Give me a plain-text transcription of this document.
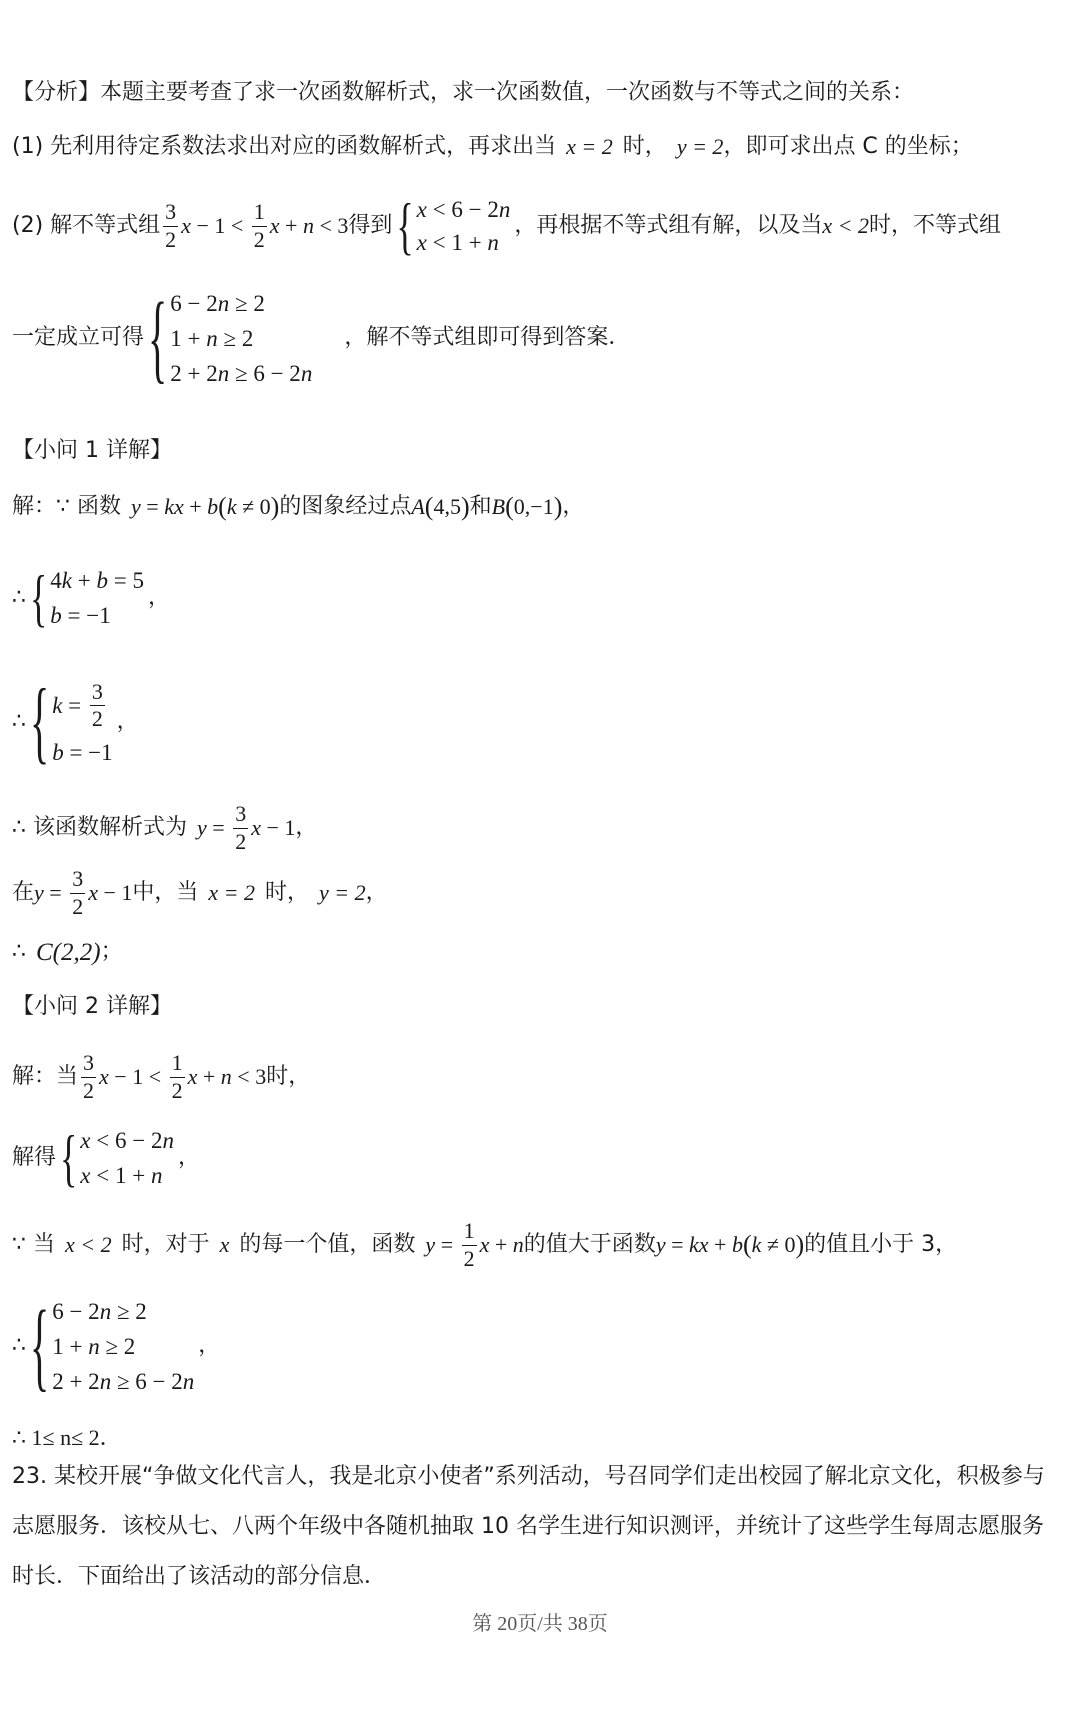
【分析】 本题主要考查了求一次函数解析式，求一次函数值，一次函数与不等式之间的关系：
(1) 先利用待定系数法求出对应的函数解析式，再求出当 x = 2 时， y = 2 ，即可求出点 C 的坐标；
(2) 解不等式组 $\frac{3}{2}$ $x - 1 < \frac{1}{2}$ x + n < 3 得到 { x < 6 − 2 n
x < 1 + n
，再根据不等式组有解，以及当 x < 2 时，不等式组
一定成立可得 { 6 − 2 n ≥ 2
1 + n ≥ 2
2 + 2 n ≥ 6 − 2 n
，解不等式组即可得到答案．
【小问 1 详解】
解：∵ 函数 y = kx + b ( k ≠ 0 ) 的图象经过点 A ( 4,5 ) 和 B ( 0,−1 ) ，
∴ { 4 k + b = 5
b = −1
，
∴ { $k = \frac{3}{2}$
b = −1
，
∴ 该函数解析式为 $y = \frac{3}{2}$ x − 1 ，
在 $y = \frac{3}{2}$ x − 1 中，当 x = 2 时， y = 2 ，
∴ C(2,2) ；
【小问 2 详解】
解：当 $\frac{3}{2}$ $x - 1 < \frac{1}{2}$ x + n < 3 时，
解得 { x < 6 − 2 n
x < 1 + n
，
∵ 当 x < 2 时，对于 x 的每一个值，函数 $y = \frac{1}{2}$ x + n 的值大于函数 y = kx + b ( k ≠ 0 ) 的值且小于 3，
∴ { 6 − 2 n ≥ 2
1 + n ≥ 2
2 + 2 n ≥ 6 − 2 n
，
∴ 1≤ n≤ 2．
23. 某校开展“争做文化代言人，我是北京小使者”系列活动，号召同学们走出校园了解北京文化，积极参与
志愿服务．该校从七、八两个年级中各随机抽取 10 名学生进行知识测评，并统计了这些学生每周志愿服务
时长．下面给出了该活动的部分信息．
第 20页/共 38页
